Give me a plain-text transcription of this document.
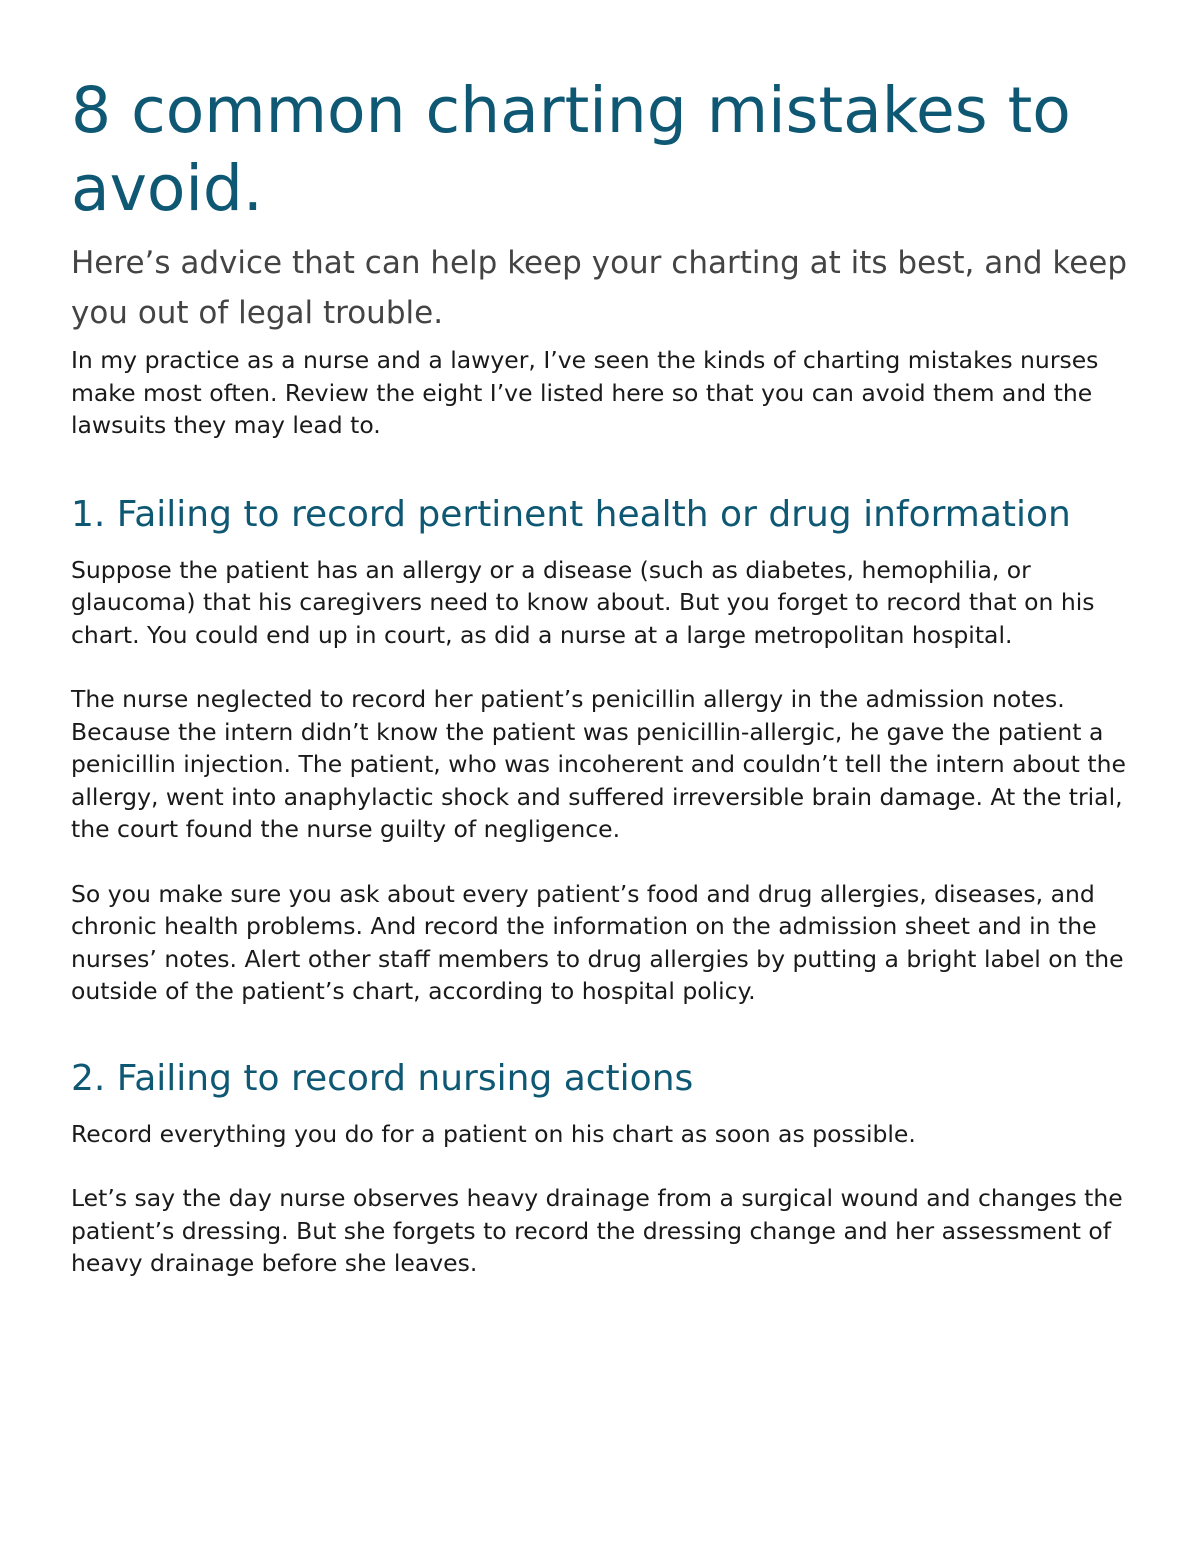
8 common charting mistakes to avoid.

Here’s advice that can help keep your charting at its best, and keep you out of legal trouble.

In my practice as a nurse and a lawyer, I’ve seen the kinds of charting mistakes nurses make most often. Review the eight I’ve listed here so that you can avoid them and the lawsuits they may lead to.

1. Failing to record pertinent health or drug information

Suppose the patient has an allergy or a disease (such as diabetes, hemophilia, or glaucoma) that his caregivers need to know about. But you forget to record that on his chart. You could end up in court, as did a nurse at a large metropolitan hospital.

The nurse neglected to record her patient’s penicillin allergy in the admission notes. Because the intern didn’t know the patient was penicillin-allergic, he gave the patient a penicillin injection. The patient, who was incoherent and couldn’t tell the intern about the allergy, went into anaphylactic shock and suffered irreversible brain damage. At the trial, the court found the nurse guilty of negligence.

So you make sure you ask about every patient’s food and drug allergies, diseases, and chronic health problems. And record the information on the admission sheet and in the nurses’ notes. Alert other staff members to drug allergies by putting a bright label on the outside of the patient’s chart, according to hospital policy.

2. Failing to record nursing actions

Record everything you do for a patient on his chart as soon as possible.

Let’s say the day nurse observes heavy drainage from a surgical wound and changes the patient’s dressing. But she forgets to record the dressing change and her assessment of heavy drainage before she leaves.
